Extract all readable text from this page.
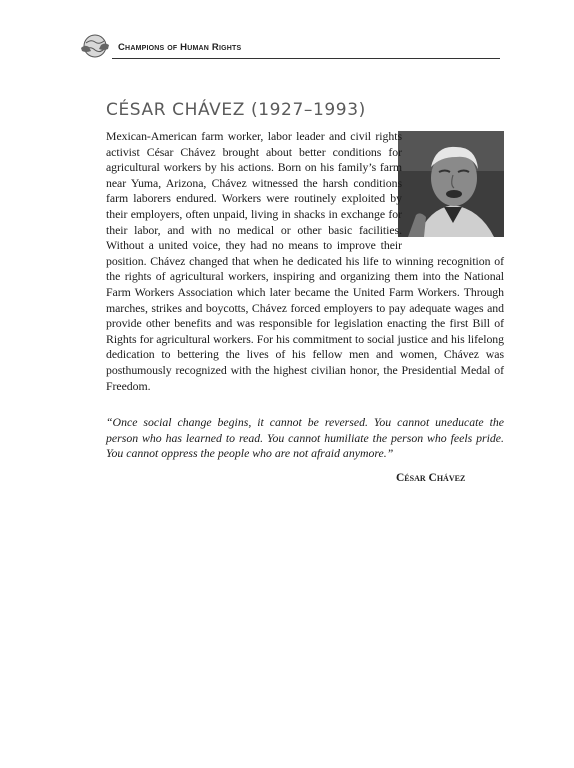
Champions of Human Rights
CÉSAR CHÁVEZ (1927–1993)

Mexican-American farm worker, labor leader and civil rights activist César Chávez brought about better conditions for agricultural workers by his actions. Born on his family’s farm near Yuma, Arizona, Chávez witnessed the harsh conditions farm laborers endured. Workers were routinely exploited by their employers, often unpaid, living in shacks in exchange for their labor, and with no medical or other basic facilities. Without a united voice, they had no means to improve their position. Chávez changed that when he dedicated his life to winning recognition of the rights of agricultural workers, inspiring and organizing them into the National Farm Workers Association which later became the United Farm Workers. Through marches, strikes and boycotts, Chávez forced employers to pay adequate wages and provide other benefits and was responsible for legislation enacting the first Bill of Rights for agricultural workers. For his commitment to social justice and his lifelong dedication to bettering the lives of his fellow men and women, Chávez was posthumously recognized with the highest civilian honor, the Presidential Medal of Freedom.

“Once social change begins, it cannot be reversed. You cannot uneducate the person who has learned to read. You cannot humiliate the person who feels pride. You cannot oppress the people who are not afraid anymore.”

César Chávez
